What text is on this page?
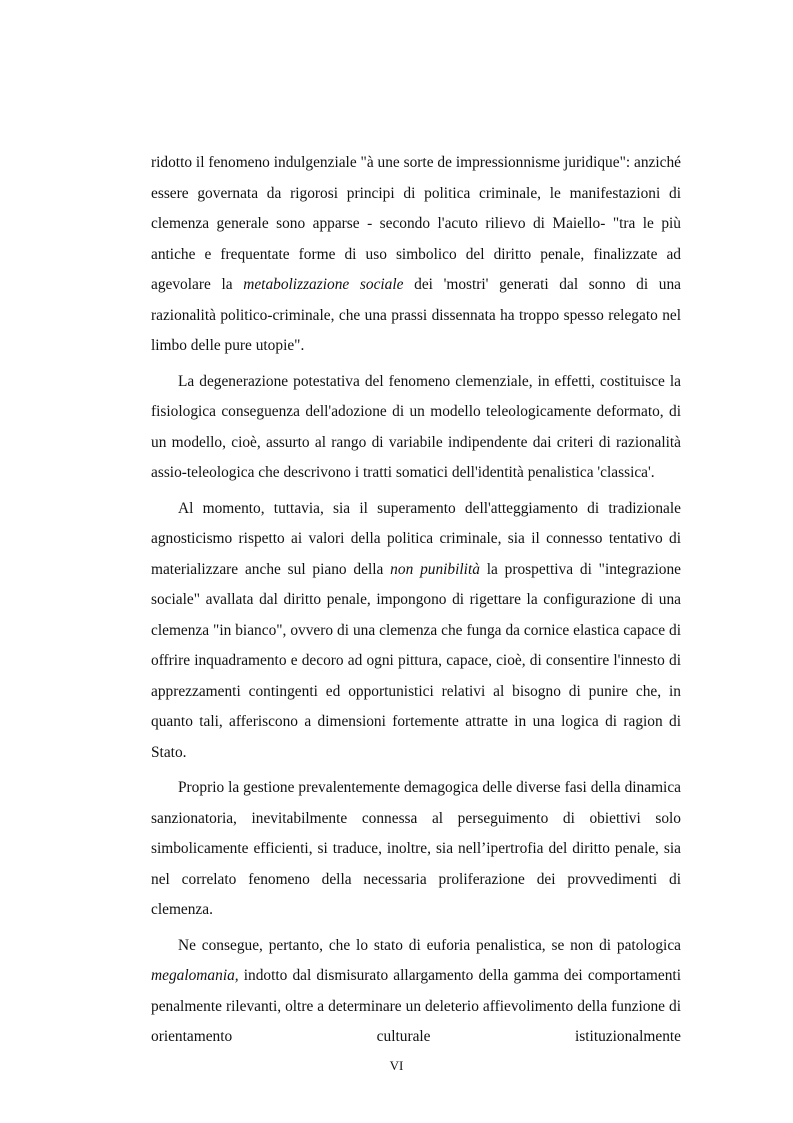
ridotto il fenomeno indulgenziale "à une sorte de impressionnisme juridique": anziché essere governata da rigorosi principi di politica criminale, le manifestazioni di clemenza generale sono apparse - secondo l'acuto rilievo di Maiello- "tra le più antiche e frequentate forme di uso simbolico del diritto penale, finalizzate ad agevolare la metabolizzazione sociale dei 'mostri' generati dal sonno di una razionalità politico-criminale, che una prassi dissennata ha troppo spesso relegato nel limbo delle pure utopie".

La degenerazione potestativa del fenomeno clemenziale, in effetti, costituisce la fisiologica conseguenza dell'adozione di un modello teleologicamente deformato, di un modello, cioè, assurto al rango di variabile indipendente dai criteri di razionalità assio-teleologica che descrivono i tratti somatici dell'identità penalistica 'classica'.

Al momento, tuttavia, sia il superamento dell'atteggiamento di tradizionale agnosticismo rispetto ai valori della politica criminale, sia il connesso tentativo di materializzare anche sul piano della non punibilità la prospettiva di "integrazione sociale" avallata dal diritto penale, impongono di rigettare la configurazione di una clemenza "in bianco", ovvero di una clemenza che funga da cornice elastica capace di offrire inquadramento e decoro ad ogni pittura, capace, cioè, di consentire l'innesto di apprezzamenti contingenti ed opportunistici relativi al bisogno di punire che, in quanto tali, afferiscono a dimensioni fortemente attratte in una logica di ragion di Stato.

Proprio la gestione prevalentemente demagogica delle diverse fasi della dinamica sanzionatoria, inevitabilmente connessa al perseguimento di obiettivi solo simbolicamente efficienti, si traduce, inoltre, sia nell’ipertrofia del diritto penale, sia nel correlato fenomeno della necessaria proliferazione dei provvedimenti di clemenza.

Ne consegue, pertanto, che lo stato di euforia penalistica, se non di patologica megalomania, indotto dal dismisurato allargamento della gamma dei comportamenti penalmente rilevanti, oltre a determinare un deleterio affievolimento della funzione di orientamento culturale istituzionalmente

VI
